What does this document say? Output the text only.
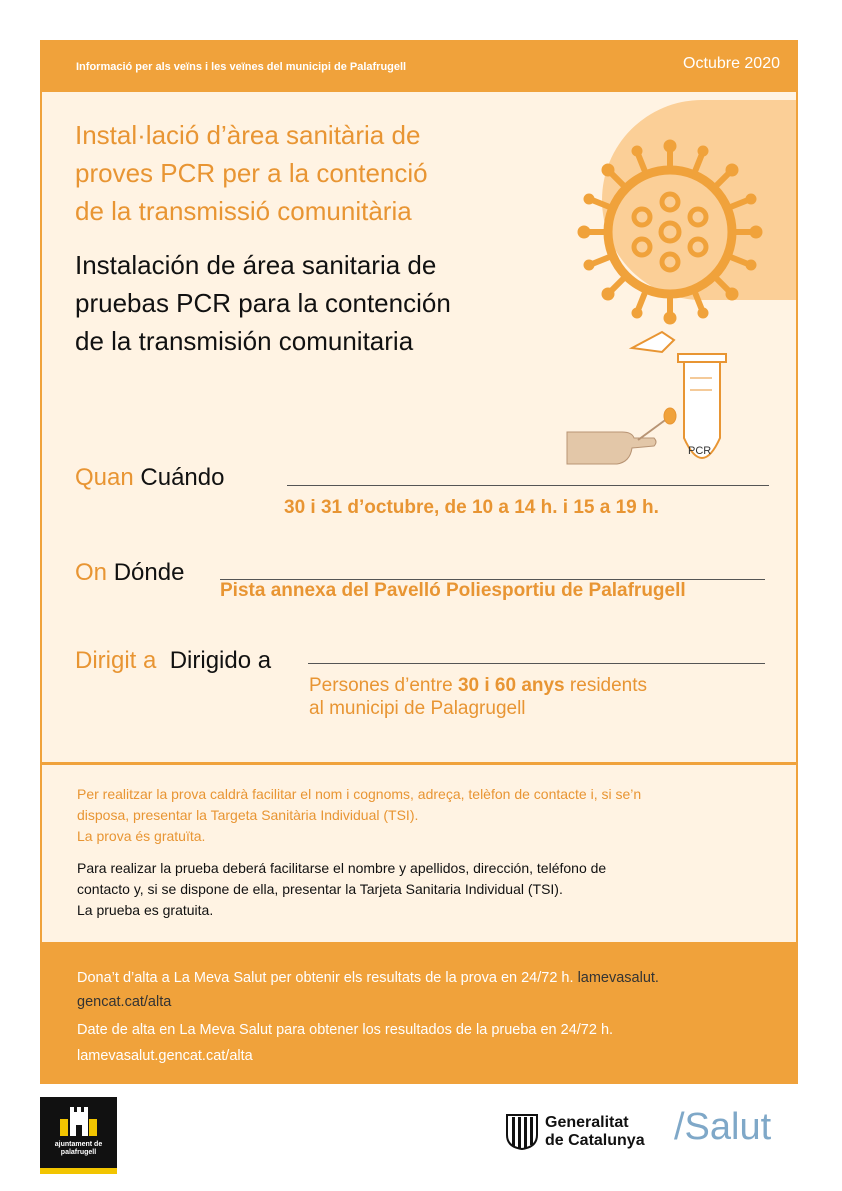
Informació per als veïns i les veïnes del municipi de Palafrugell	Octubre 2020
Instal·lació d’àrea sanitària de
proves PCR per a la contenció
de la transmissió comunitària
Instalación de área sanitaria de
pruebas PCR para la contención
de la transmisión comunitaria
PCR
Quan Cuándo
30 i 31 d’octubre, de 10 a 14 h. i 15 a 19 h.
On Dónde
Pista annexa del Pavelló Poliesportiu de Palafrugell
Dirigit a Dirigido a
Persones d’entre 30 i 60 anys residents
al municipi de Palagrugell
Per realitzar la prova caldrà facilitar el nom i cognoms, adreça, telèfon de contacte i, si se’n
disposa, presentar la Targeta Sanitària Individual (TSI).
La prova és gratuïta.
Para realizar la prueba deberá facilitarse el nombre y apellidos, dirección, teléfono de
contacto y, si se dispone de ella, presentar la Tarjeta Sanitaria Individual (TSI).
La prueba es gratuita.

Dona’t d’alta a La Meva Salut per obtenir els resultats de la prova en 24/72 h. lamevasalut.

gencat.cat/alta

Date de alta en La Meva Salut para obtener los resultados de la prueba en 24/72 h.

lamevasalut.gencat.cat/alta

ajuntament de
palafrugell
Generalitat
de Catalunya /Salut
